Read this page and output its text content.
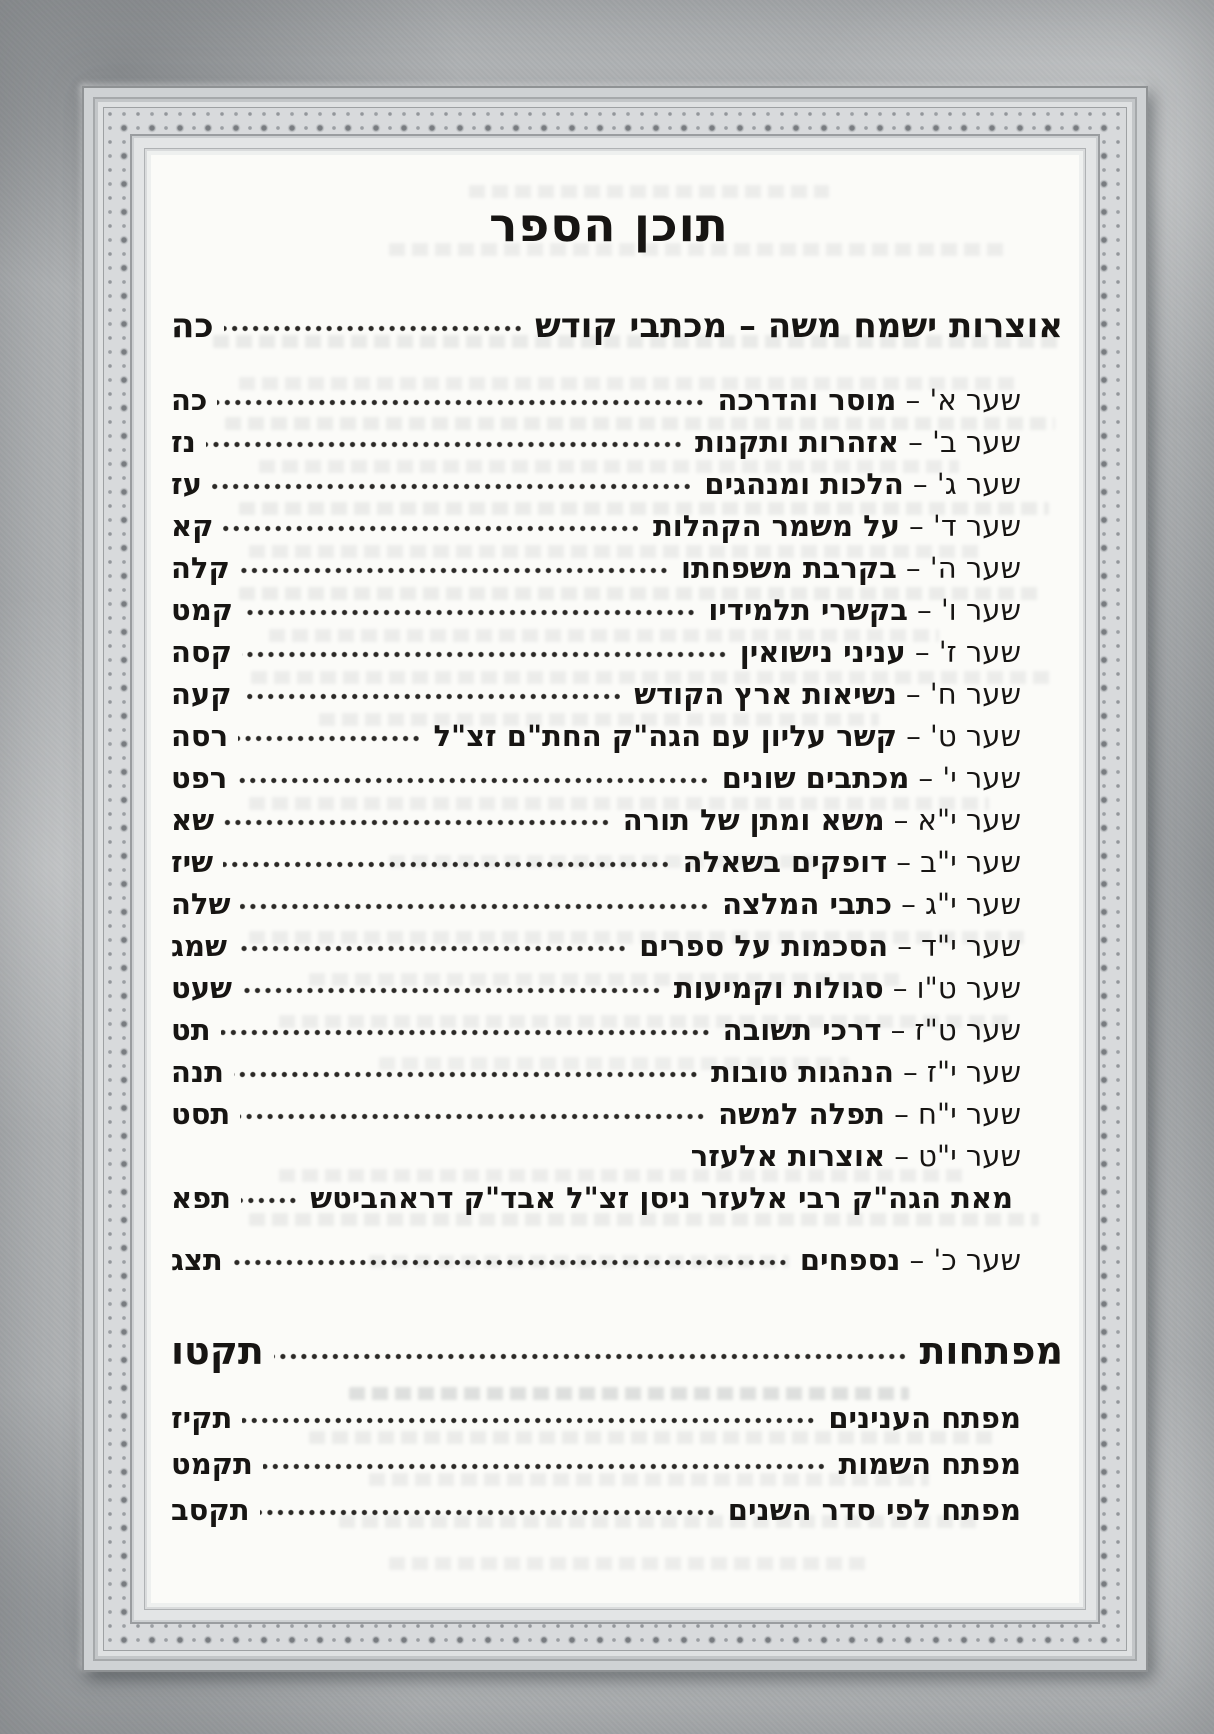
תוכן הספר
אוצרות ישמח משה – מכתבי קודש
כה
שער א' – מוסר והדרכה
כה
שער ב' – אזהרות ותקנות
נז
שער ג' – הלכות ומנהגים
עז
שער ד' – על משמר הקהלות
קא
שער ה' – בקרבת משפחתו
קלה
שער ו' – בקשרי תלמידיו
קמט
שער ז' – עניני נישואין
קסה
שער ח' – נשיאות ארץ הקודש
קעה
שער ט' – קשר עליון עם הגה"ק החת"ם זצ"ל
רסה
שער י' – מכתבים שונים
רפט
שער י"א – משא ומתן של תורה
שא
שער י"ב – דופקים בשאלה
שיז
שער י"ג – כתבי המלצה
שלה
שער י"ד – הסכמות על ספרים
שמג
שער ט"ו – סגולות וקמיעות
שעט
שער ט"ז – דרכי תשובה
תט
שער י"ז – הנהגות טובות
תנה
שער י"ח – תפלה למשה
תסט
שער י"ט – אוצרות אלעזר
מאת הגה"ק רבי אלעזר ניסן זצ"ל אבד"ק דראהביטש
תפא
שער כ' – נספחים
תצג
מפתחות
תקטו
מפתח הענינים
תקיז
מפתח השמות
תקמט
מפתח לפי סדר השנים
תקסב
